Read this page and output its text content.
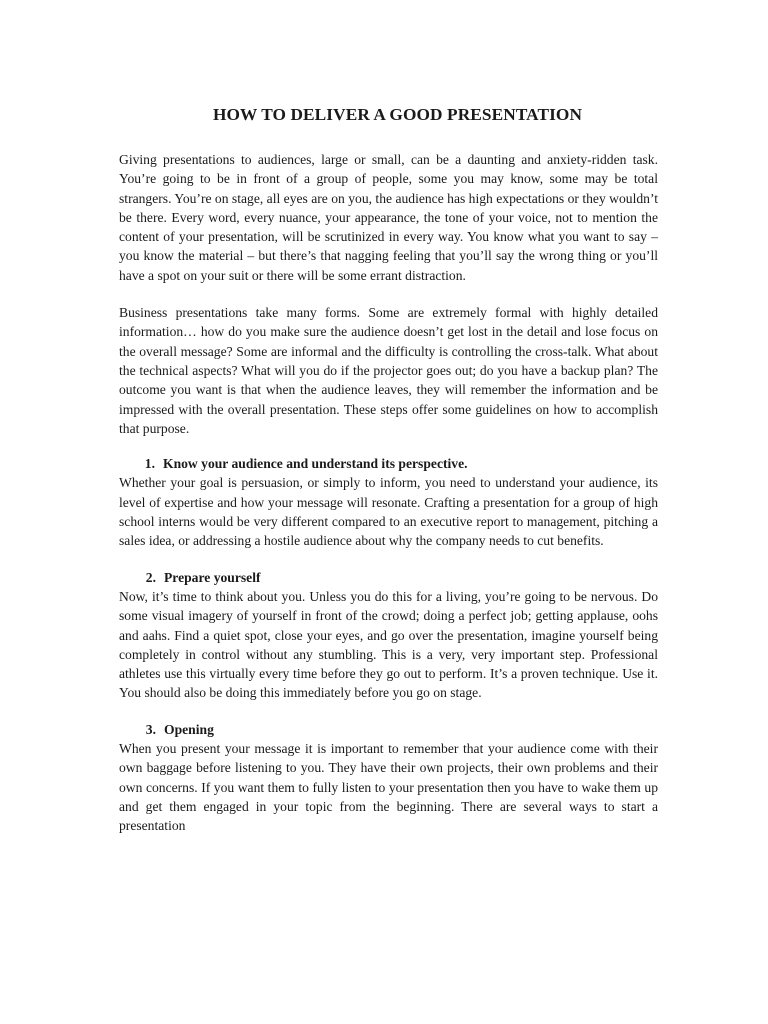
HOW TO DELIVER A GOOD PRESENTATION

Giving presentations to audiences, large or small, can be a daunting and anxiety-ridden task. You’re going to be in front of a group of people, some you may know, some may be total strangers. You’re on stage, all eyes are on you, the audience has high expectations or they wouldn’t be there. Every word, every nuance, your appearance, the tone of your voice, not to mention the content of your presentation, will be scrutinized in every way. You know what you want to say – you know the material – but there’s that nagging feeling that you’ll say the wrong thing or you’ll have a spot on your suit or there will be some errant distraction.

Business presentations take many forms. Some are extremely formal with highly detailed information… how do you make sure the audience doesn’t get lost in the detail and lose focus on the overall message? Some are informal and the difficulty is controlling the cross-talk. What about the technical aspects? What will you do if the projector goes out; do you have a backup plan? The outcome you want is that when the audience leaves, they will remember the information and be impressed with the overall presentation. These steps offer some guidelines on how to accomplish that purpose.

1. Know your audience and understand its perspective.

Whether your goal is persuasion, or simply to inform, you need to understand your audience, its level of expertise and how your message will resonate. Crafting a presentation for a group of high school interns would be very different compared to an executive report to management, pitching a sales idea, or addressing a hostile audience about why the company needs to cut benefits.

2. Prepare yourself

Now, it’s time to think about you. Unless you do this for a living, you’re going to be nervous. Do some visual imagery of yourself in front of the crowd; doing a perfect job; getting applause, oohs and aahs. Find a quiet spot, close your eyes, and go over the presentation, imagine yourself being completely in control without any stumbling. This is a very, very important step. Professional athletes use this virtually every time before they go out to perform. It’s a proven technique. Use it. You should also be doing this immediately before you go on stage.

3. Opening

When you present your message it is important to remember that your audience come with their own baggage before listening to you. They have their own projects, their own problems and their own concerns. If you want them to fully listen to your presentation then you have to wake them up and get them engaged in your topic from the beginning. There are several ways to start a presentation
